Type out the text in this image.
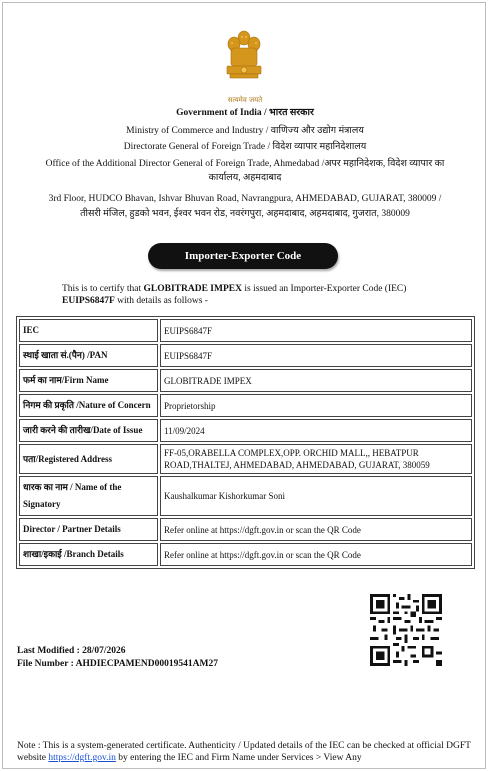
सत्यमेव जयते
Government of India / भारत सरकार
Ministry of Commerce and Industry / वाणिज्य और उद्योग मंत्रालय
Directorate General of Foreign Trade / विदेश व्यापार महानिदेशालय
Office of the Additional Director General of Foreign Trade, Ahmedabad /अपर महानिदेशक, विदेश व्यापार का
कार्यालय, अहमदाबाद
3rd Floor, HUDCO Bhavan, Ishvar Bhuvan Road, Navrangpura, AHMEDABAD, GUJARAT, 380009 /
तीसरी मंजिल, हुडको भवन, ईश्वर भवन रोड, नवरंगपुरा, अहमदाबाद, अहमदाबाद, गुजरात, 380009
Importer-Exporter Code
This is to certify that GLOBITRADE IMPEX is issued an Importer-Exporter Code (IEC) EUIPS6847F with details as follows -
IEC	EUIPS6847F
स्थाई खाता सं.(पैन) /PAN	EUIPS6847F
फर्म का नाम/Firm Name	GLOBITRADE IMPEX
निगम की प्रकृति /Nature of Concern	Proprietorship
जारी करने की तारीख/Date of Issue	11/09/2024
पता/Registered Address	FF-05,ORABELLA COMPLEX,OPP. ORCHID MALL,, HEBATPUR ROAD,THALTEJ, AHMEDABAD, AHMEDABAD, GUJARAT, 380059
धारक का नाम / Name of the Signatory	Kaushalkumar Kishorkumar Soni
Director / Partner Details	Refer online at https://dgft.gov.in or scan the QR Code
शाखा/इकाई /Branch Details	Refer online at https://dgft.gov.in or scan the QR Code
Last Modified : 28/07/2026
File Number : AHDIECPAMEND00019541AM27
Note : This is a system-generated certificate. Authenticity / Updated details of the IEC can be checked at official DGFT website https://dgft.gov.in by entering the IEC and Firm Name under Services > View Any
